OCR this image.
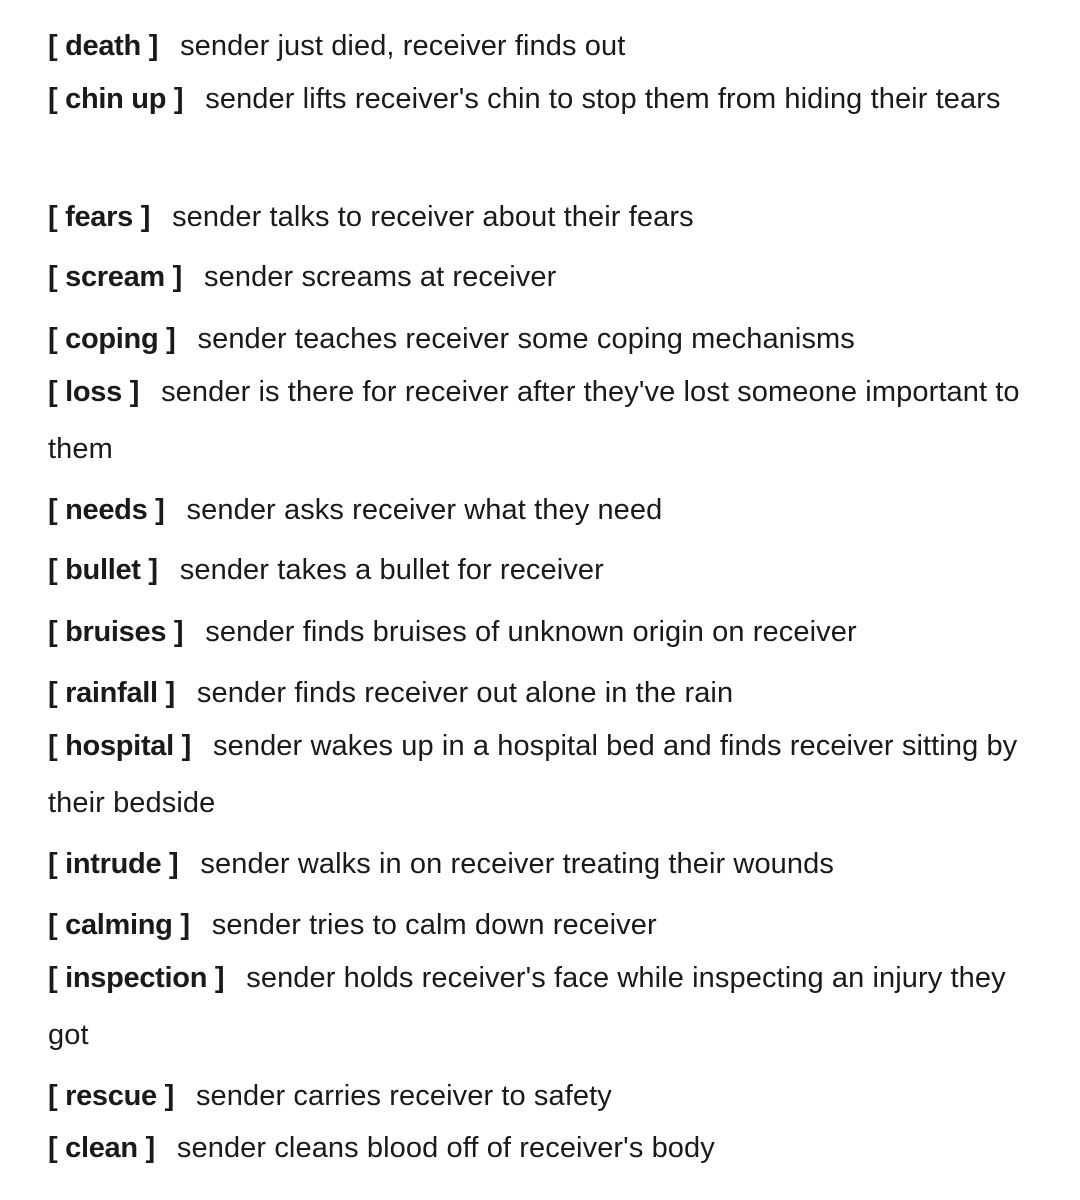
[ death ] sender just died, receiver finds out
[ chin up ] sender lifts receiver's chin to stop them from hiding their tears
[ fears ] sender talks to receiver about their fears
[ scream ] sender screams at receiver
[ coping ] sender teaches receiver some coping mechanisms
[ loss ] sender is there for receiver after they've lost someone important to them
[ needs ] sender asks receiver what they need
[ bullet ] sender takes a bullet for receiver
[ bruises ] sender finds bruises of unknown origin on receiver
[ rainfall ] sender finds receiver out alone in the rain
[ hospital ] sender wakes up in a hospital bed and finds receiver sitting by their bedside
[ intrude ] sender walks in on receiver treating their wounds
[ calming ] sender tries to calm down receiver
[ inspection ] sender holds receiver's face while inspecting an injury they got
[ rescue ] sender carries receiver to safety
[ clean ] sender cleans blood off of receiver's body
